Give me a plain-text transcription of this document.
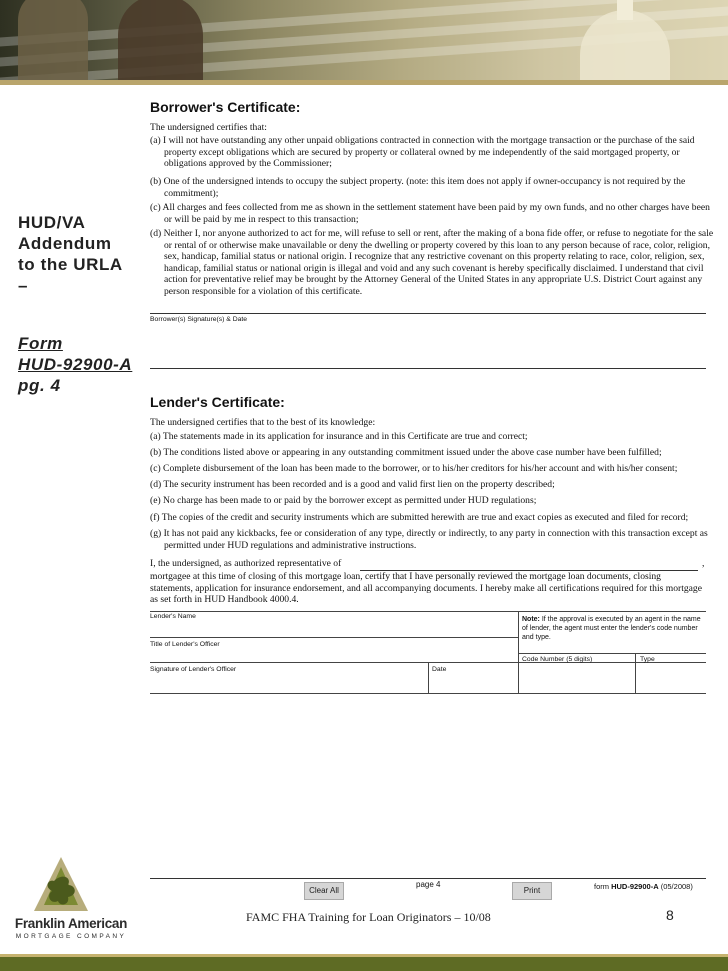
HUD/VA
Addendum
to the URLA
–
Form
HUD-92900-A
pg. 4
Borrower's Certificate:
The undersigned certifies that:
(a) I will not have outstanding any other unpaid obligations contracted in connection with the mortgage transaction or the purchase of the said property except obligations which are secured by property or collateral owned by me independently of the said mortgaged property, or obligations approved by the Commissioner;
(b) One of the undersigned intends to occupy the subject property. (note: this item does not apply if owner-occupancy is not required by the commitment);
(c) All charges and fees collected from me as shown in the settlement statement have been paid by my own funds, and no other charges have been or will be paid by me in respect to this transaction;
(d) Neither I, nor anyone authorized to act for me, will refuse to sell or rent, after the making of a bona fide offer, or refuse to negotiate for the sale or rental of or otherwise make unavailable or deny the dwelling or property covered by this loan to any person because of race, color, religion, sex, handicap, familial status or national origin. I recognize that any restrictive covenant on this property relating to race, color, religion, sex, handicap, familial status or national origin is illegal and void and any such covenant is hereby specifically disclaimed. I understand that civil action for preventative relief may be brought by the Attorney General of the United States in any appropriate U.S. District Court against any person responsible for a violation of this certificate.
Borrower(s) Signature(s) & Date
Lender's Certificate:
The undersigned certifies that to the best of its knowledge:
(a) The statements made in its application for insurance and in this Certificate are true and correct;
(b) The conditions listed above or appearing in any outstanding commitment issued under the above case number have been fulfilled;
(c) Complete disbursement of the loan has been made to the borrower, or to his/her creditors for his/her account and with his/her consent;
(d) The security instrument has been recorded and is a good and valid first lien on the property described;
(e) No charge has been made to or paid by the borrower except as permitted under HUD regulations;
(f) The copies of the credit and security instruments which are submitted herewith are true and exact copies as executed and filed for record;
(g) It has not paid any kickbacks, fee or consideration of any type, directly or indirectly, to any party in connection with this transaction except as permitted under HUD regulations and administrative instructions.
I, the undersigned, as authorized representative of	,
mortgagee at this time of closing of this mortgage loan, certify that I have personally reviewed the mortgage loan documents, closing statements, application for insurance endorsement, and all accompanying documents. I hereby make all certifications required for this mortgage as set forth in HUD Handbook 4000.4.
Lender's Name
Title of Lender's Officer
Signature of Lender's Officer	Date
Code Number (5 digits)	Type
Note: If the approval is executed by an agent in the name of lender, the agent must enter the lender's code number and type.
Clear All
page 4
Print	form HUD-92900-A (05/2008)
Franklin American
MORTGAGE COMPANY
FAMC FHA Training for Loan Originators – 10/08	8
